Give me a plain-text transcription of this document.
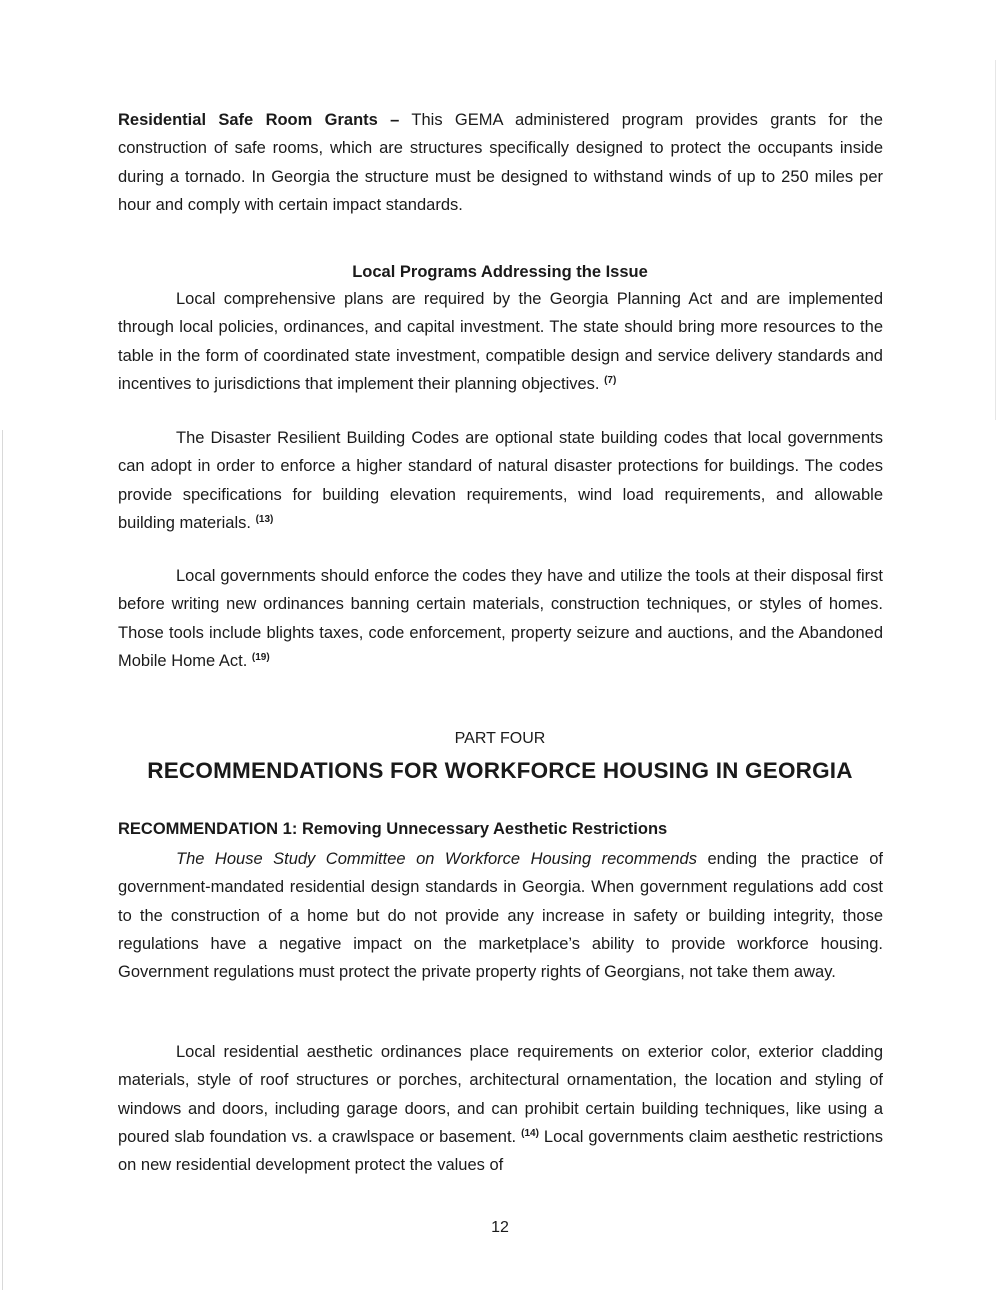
Residential Safe Room Grants – This GEMA administered program provides grants for the construction of safe rooms, which are structures specifically designed to protect the occupants inside during a tornado. In Georgia the structure must be designed to withstand winds of up to 250 miles per hour and comply with certain impact standards.

Local Programs Addressing the Issue

Local comprehensive plans are required by the Georgia Planning Act and are implemented through local policies, ordinances, and capital investment. The state should bring more resources to the table in the form of coordinated state investment, compatible design and service delivery standards and incentives to jurisdictions that implement their planning objectives. $^{(7)}$

The Disaster Resilient Building Codes are optional state building codes that local governments can adopt in order to enforce a higher standard of natural disaster protections for buildings. The codes provide specifications for building elevation requirements, wind load requirements, and allowable building materials. $^{(13)}$

Local governments should enforce the codes they have and utilize the tools at their disposal first before writing new ordinances banning certain materials, construction techniques, or styles of homes. Those tools include blights taxes, code enforcement, property seizure and auctions, and the Abandoned Mobile Home Act. $^{(19)}$

PART FOUR
RECOMMENDATIONS FOR WORKFORCE HOUSING IN GEORGIA
RECOMMENDATION 1: Removing Unnecessary Aesthetic Restrictions

The House Study Committee on Workforce Housing recommends ending the practice of government-mandated residential design standards in Georgia. When government regulations add cost to the construction of a home but do not provide any increase in safety or building integrity, those regulations have a negative impact on the marketplace’s ability to provide workforce housing. Government regulations must protect the private property rights of Georgians, not take them away.

Local residential aesthetic ordinances place requirements on exterior color, exterior cladding materials, style of roof structures or porches, architectural ornamentation, the location and styling of windows and doors, including garage doors, and can prohibit certain building techniques, like using a poured slab foundation vs. a crawlspace or basement. $^{(14)}$ Local governments claim aesthetic restrictions on new residential development protect the values of

12
